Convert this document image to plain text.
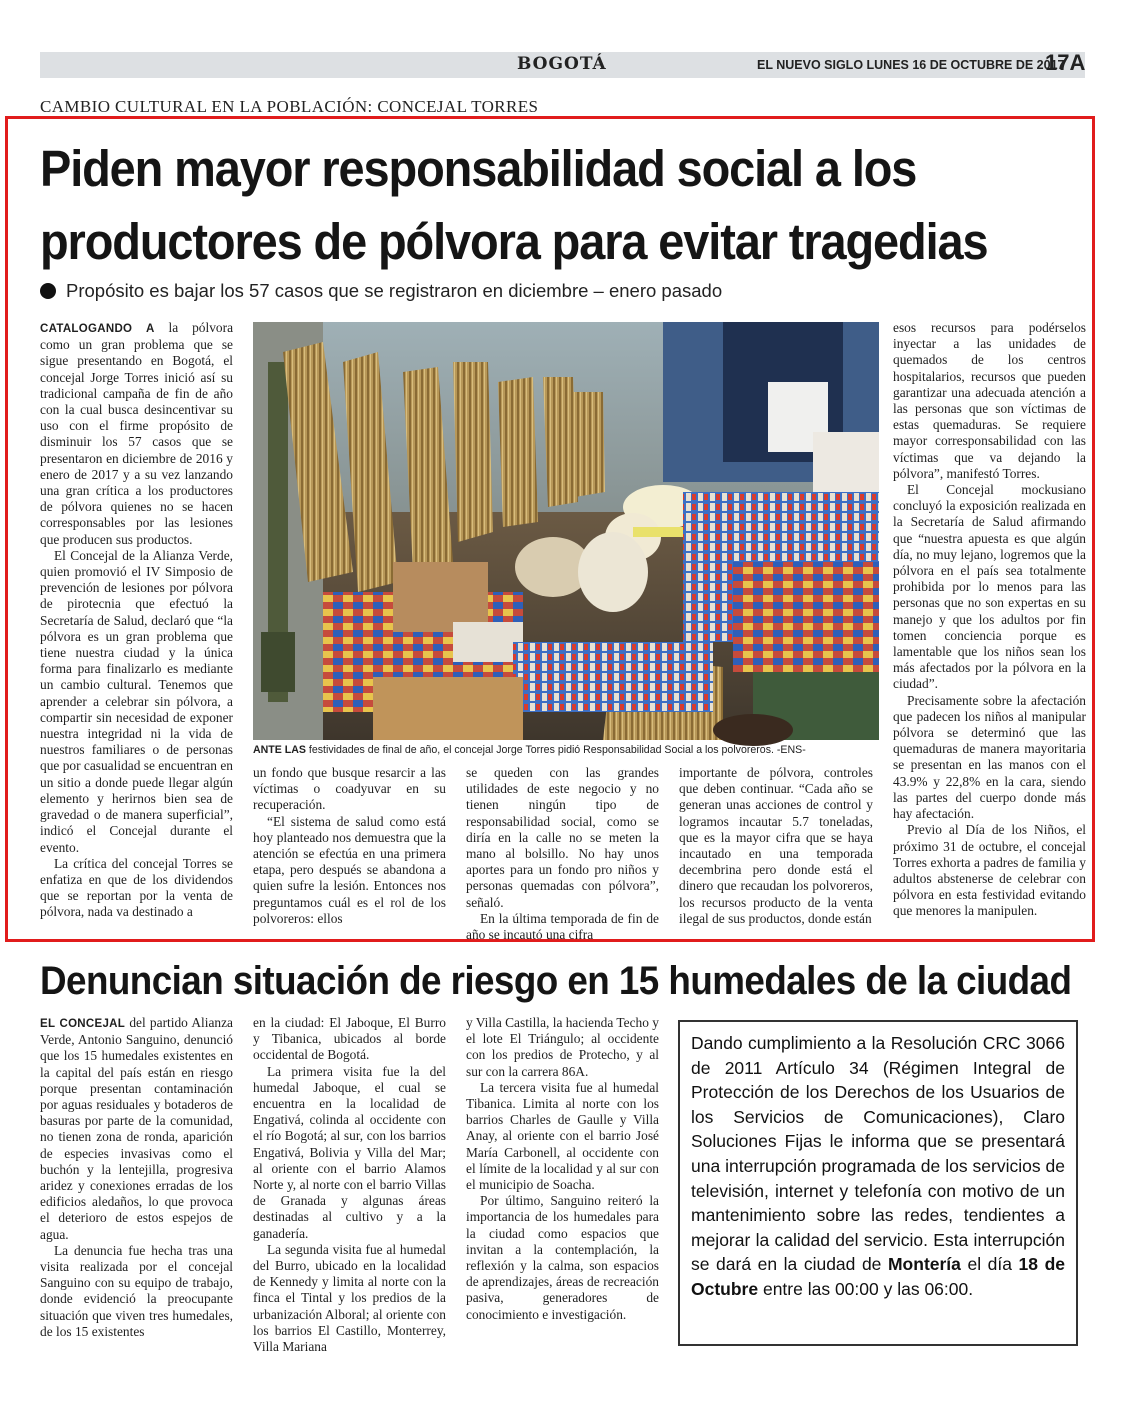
BOGOTÁ	EL NUEVO SIGLO LUNES 16 DE OCTUBRE DE 2017
17A
CAMBIO CULTURAL EN LA POBLACIÓN: CONCEJAL TORRES
Piden mayor responsabilidad social a los
productores de pólvora para evitar tragedias
Propósito es bajar los 57 casos que se registraron en diciembre – enero pasado

CATALOGANDO A la pólvora como un gran problema que se sigue presentando en Bogotá, el concejal Jorge Torres inició así su tradicional campaña de fin de año con la cual busca desincentivar su uso con el firme propósito de disminuir los 57 casos que se presentaron en diciembre de 2016 y enero de 2017 y a su vez lanzando una gran crítica a los productores de pólvora quienes no se hacen corresponsables por las lesiones que producen sus productos.

El Concejal de la Alianza Verde, quien promovió el IV Simposio de prevención de lesiones por pólvora de pirotecnia que efectuó la Secretaría de Salud, declaró que “la pólvora es un gran problema que tiene nuestra ciudad y la única forma para finalizarlo es mediante un cambio cultural. Tenemos que aprender a celebrar sin pólvora, a compartir sin necesidad de exponer nuestra integridad ni la vida de nuestros familiares o de personas que por casualidad se encuentran en un sitio a donde puede llegar algún elemento y herirnos bien sea de gravedad o de manera superficial”, indicó el Concejal durante el evento.

La crítica del concejal Torres se enfatiza en que de los dividendos que se reportan por la venta de pólvora, nada va destinado a

ANTE LAS festividades de final de año, el concejal Jorge Torres pidió Responsabilidad Social a los polvoreros. -ENS-

un fondo que busque resarcir a las víctimas o coadyuvar en su recuperación.

“El sistema de salud como está hoy planteado nos demuestra que la atención se efectúa en una primera etapa, pero después se abandona a quien sufre la lesión. Entonces nos preguntamos cuál es el rol de los polvoreros: ellos

se queden con las grandes utilidades de este negocio y no tienen ningún tipo de responsabilidad social, como se diría en la calle no se meten la mano al bolsillo. No hay unos aportes para un fondo pro niños y personas quemadas con pólvora”, señaló.

En la última temporada de fin de año se incautó una cifra

importante de pólvora, controles que deben continuar. “Cada año se generan unas acciones de control y logramos incautar 5.7 toneladas, que es la mayor cifra que se haya incautado en una temporada decembrina pero donde está el dinero que recaudan los polvoreros, los recursos producto de la venta ilegal de sus productos, donde están

esos recursos para podérselos inyectar a las unidades de quemados de los centros hospitalarios, recursos que pueden garantizar una adecuada atención a las personas que son víctimas de estas quemaduras. Se requiere mayor corresponsabilidad con las víctimas que va dejando la pólvora”, manifestó Torres.

El Concejal mockusiano concluyó la exposición realizada en la Secretaría de Salud afirmando que “nuestra apuesta es que algún día, no muy lejano, logremos que la pólvora en el país sea totalmente prohibida por lo menos para las personas que no son expertas en su manejo y que los adultos por fin tomen conciencia porque es lamentable que los niños sean los más afectados por la pólvora en la ciudad”.

Precisamente sobre la afectación que padecen los niños al manipular pólvora se determinó que las quemaduras de manera mayoritaria se presentan en las manos con el 43.9% y 22,8% en la cara, siendo las partes del cuerpo donde más hay afectación.

Previo al Día de los Niños, el próximo 31 de octubre, el concejal Torres exhorta a padres de familia y adultos abstenerse de celebrar con pólvora en esta festividad evitando que menores la manipulen.

Denuncian situación de riesgo en 15 humedales de la ciudad

EL CONCEJAL del partido Alianza Verde, Antonio Sanguino, denunció que los 15 humedales existentes en la capital del país están en riesgo porque presentan contaminación por aguas residuales y botaderos de basuras por parte de la comunidad, no tienen zona de ronda, aparición de especies invasivas como el buchón y la lentejilla, progresiva aridez y conexiones erradas de los edificios aledaños, lo que provoca el deterioro de estos espejos de agua.

La denuncia fue hecha tras una visita realizada por el concejal Sanguino con su equipo de trabajo, donde evidenció la preocupante situación que viven tres humedales, de los 15 existentes

en la ciudad: El Jaboque, El Burro y Tibanica, ubicados al borde occidental de Bogotá.

La primera visita fue la del humedal Jaboque, el cual se encuentra en la localidad de Engativá, colinda al occidente con el río Bogotá; al sur, con los barrios Engativá, Bolivia y Villa del Mar; al oriente con el barrio Alamos Norte y, al norte con el barrio Villas de Granada y algunas áreas destinadas al cultivo y a la ganadería.

La segunda visita fue al humedal del Burro, ubicado en la localidad de Kennedy y limita al norte con la finca el Tintal y los predios de la urbanización Alboral; al oriente con los barrios El Castillo, Monterrey, Villa Mariana

y Villa Castilla, la hacienda Techo y el lote El Triángulo; al occidente con los predios de Protecho, y al sur con la carrera 86A.

La tercera visita fue al humedal Tibanica. Limita al norte con los barrios Charles de Gaulle y Villa Anay, al oriente con el barrio José María Carbonell, al occidente con el límite de la localidad y al sur con el municipio de Soacha.

Por último, Sanguino reiteró la importancia de los humedales para la ciudad como espacios que invitan a la contemplación, la reflexión y la calma, son espacios de aprendizajes, áreas de recreación pasiva, generadores de conocimiento e investigación.

Dando cumplimiento a la Resolución CRC 3066 de 2011 Artículo 34 (Régimen Integral de Protección de los Derechos de los Usuarios de los Servicios de Comunicaciones), Claro Soluciones Fijas le informa que se presentará una interrupción programada de los servicios de televisión, internet y telefonía con motivo de un mantenimiento sobre las redes, tendientes a mejorar la calidad del servicio. Esta interrupción se dará en la ciudad de Montería el día 18 de Octubre entre las 00:00 y las 06:00.
